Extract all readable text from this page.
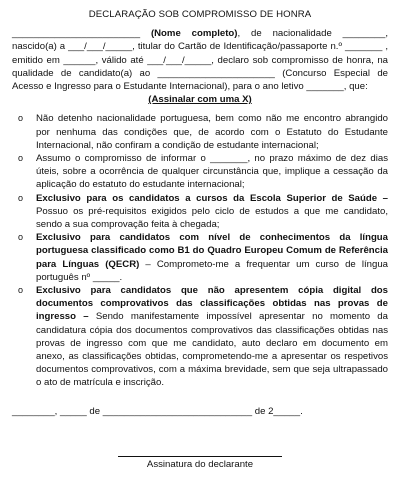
DECLARAÇÃO SOB COMPROMISSO DE HONRA

________________________ (Nome completo), de nacionalidade ________, nascido(a) a ___/___/_____, titular do Cartão de Identificação/passaporte n.º _______ , emitido em ______, válido até ___/___/_____, declaro sob compromisso de honra, na qualidade de candidato(a) ao ______________________ (Concurso Especial de Acesso e Ingresso para o Estudante Internacional), para o ano letivo _______, que:

(Assinalar com uma X)
o Não detenho nacionalidade portuguesa, bem como não me encontro abrangido por nenhuma das condições que, de acordo com o Estatuto do Estudante Internacional, não confiram a condição de estudante internacional;
o Assumo o compromisso de informar o _______, no prazo máximo de dez dias úteis, sobre a ocorrência de qualquer circunstância que, implique a cessação da aplicação do estatuto do estudante internacional;
o Exclusivo para os candidatos a cursos da Escola Superior de Saúde – Possuo os pré-requisitos exigidos pelo ciclo de estudos a que me candidato, sendo a sua comprovação feita à chegada;
o Exclusivo para candidatos com nível de conhecimentos da língua portuguesa classificado como B1 do Quadro Europeu Comum de Referência para Línguas (QECR) – Comprometo-me a frequentar um curso de língua português nº _____.
o Exclusivo para candidatos que não apresentem cópia digital dos documentos comprovativos das classificações obtidas nas provas de ingresso – Sendo manifestamente impossível apresentar no momento da candidatura cópia dos documentos comprovativos das classificações obtidas nas provas de ingresso com que me candidato, auto declaro em documento em anexo, as classificações obtidas, comprometendo-me a apresentar os respetivos documentos comprovativos, com a máxima brevidade, sem que seja ultrapassado o ato de matrícula e inscrição.
________, _____ de ____________________________ de 2_____.
Assinatura do declarante
